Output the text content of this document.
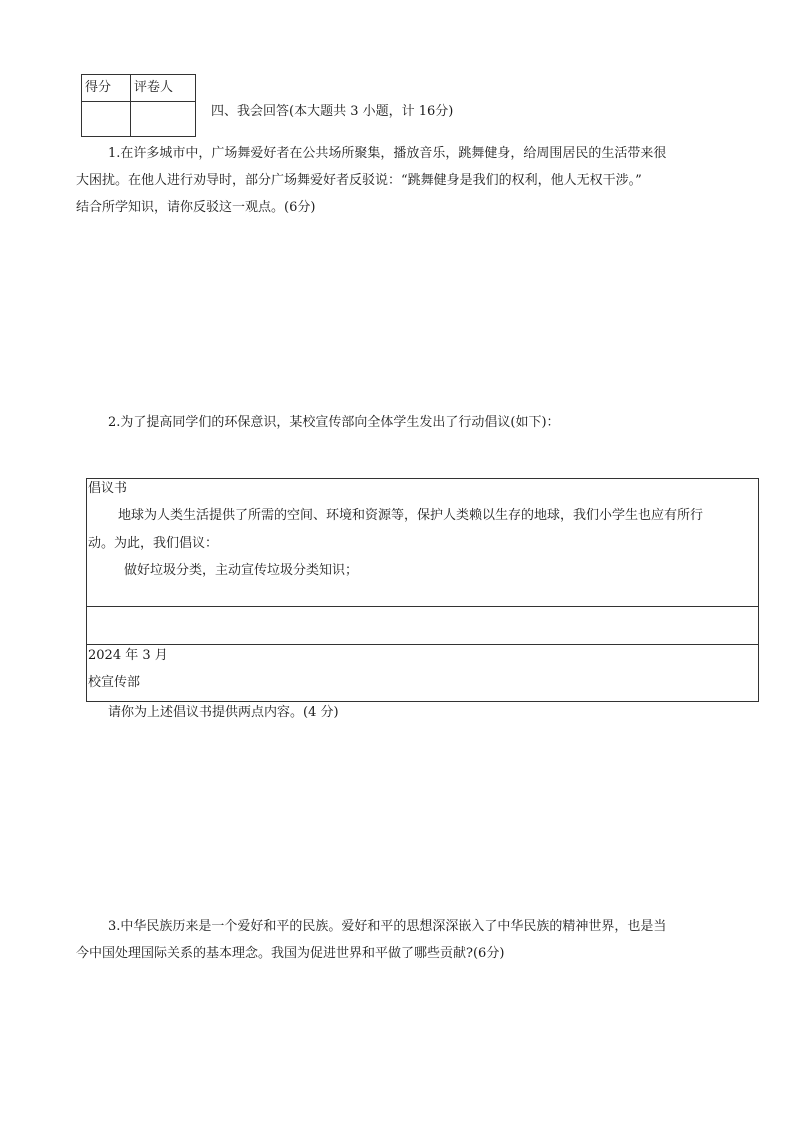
得分	评卷人

四、我会回答(本大题共 3 小题，计 16分)
1.在许多城市中，广场舞爱好者在公共场所聚集，播放音乐，跳舞健身，给周围居民的生活带来很
大困扰。在他人进行劝导时，部分广场舞爱好者反驳说：“跳舞健身是我们的权利，他人无权干涉。”
结合所学知识，请你反驳这一观点。(6分)
2.为了提高同学们的环保意识，某校宣传部向全体学生发出了行动倡议(如下)：
倡议书
地球为人类生活提供了所需的空间、环境和资源等，保护人类赖以生存的地球，我们小学生也应有所行
动。为此，我们倡议：
做好垃圾分类，主动宣传垃圾分类知识；
2024 年 3 月
校宣传部
请你为上述倡议书提供两点内容。(4 分)
3.中华民族历来是一个爱好和平的民族。爱好和平的思想深深嵌入了中华民族的精神世界，也是当
今中国处理国际关系的基本理念。我国为促进世界和平做了哪些贡献?(6分)
